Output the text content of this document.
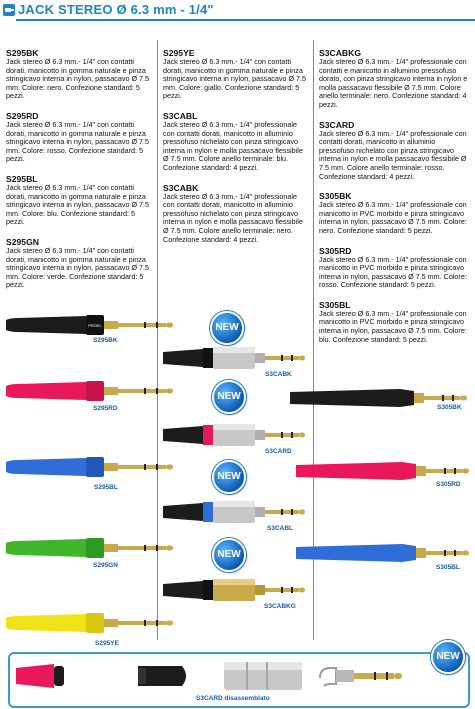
JACK STEREO Ø 6.3 mm - 1/4"
S295BK
Jack stereo Ø 6.3 mm.- 1/4" con contatti dorati, manicotto in gomma naturale e pinza stringicavo interna in nylon, passacavo Ø 7.5 mm. Colore: nero. Confezione standard: 5 pezzi.
S295RD
Jack stereo Ø 6.3 mm.- 1/4" con contatti dorati, manicotto in gomma naturale e pinza stringicavo interna in nylon, passacavo Ø 7.5 mm. Colore: rosso. Confezione standard: 5 pezzi.
S295BL
Jack stereo Ø 6.3 mm.- 1/4" con contatti dorati, manicotto in gomma naturale e pinza stringicavo interna in nylon, passacavo Ø 7.5 mm. Colore: blu. Confezione standard: 5 pezzi.
S295GN
Jack stereo Ø 6.3 mm.- 1/4" con contatti dorati, manicotto in gomma naturale e pinza stringicavo interna in nylon, passacavo Ø 7.5 mm. Colore: verde. Confezione standard: 5 pezzi.
S295YE
Jack stereo Ø 6.3 mm.- 1/4" con contatti dorati, manicotto in gomma naturale e pinza stringicavo interna in nylon, passacavo Ø 7.5 mm. Colore: giallo. Confezione standard: 5 pezzi.
S3CABL
Jack stereo Ø 6.3 mm.- 1/4" professionale con contatti dorati, manicotto in alluminio pressofuso nichelato con pinza stringicavo interna in nylon e molla passacavo flessibile Ø 7.5 mm. Colore anello terminale: blu. Confezione standard: 4 pezzi.
S3CABK
Jack stereo Ø 6.3 mm.- 1/4" professionale con contatti dorati, manicotto in alluminio pressofuso nichelato con pinza stringicavo interna in nylon e molla passacavo flessibile Ø 7.5 mm. Colore anello terminale: nero. Confezione standard: 4 pezzi.
S3CABKG
Jack stereo Ø 6.3 mm.- 1/4" professionale con contatti e manicotto in alluminio pressofuso dorato, con pinza stringicavo interna in nylon e molla passacavo flessibile Ø 7.5 mm. Colore anello terminale: nero. Confezione standard: 4 pezzi.
S3CARD
Jack stereo Ø 6.3 mm.- 1/4" professionale con contatti dorati, manicotto in alluminio pressofuso nichelato con pinza stringicavo interna in nylon e molla passacavo flessibile Ø 7.5 mm. Colore anello terminale: rosso. Confezione standard: 4 pezzi.
S305BK
Jack stereo Ø 6.3 mm.- 1/4" professionale con manicotto in PVC morbido e pinza stringicavo interna in nylon, passacavo Ø 7.5 mm. Colore: nero. Confezione standard: 5 pezzi.
S305RD
Jack stereo Ø 6.3 mm.- 1/4" professionale con manicotto in PVC morbido e pinza stringicavo interna in nylon, passacavo Ø 7.5 mm. Colore: rosso. Confezione standard: 5 pezzi.
S305BL
Jack stereo Ø 6.3 mm.- 1/4" professionale con manicotto in PVC morbido e pinza stringicavo interna in nylon, passacavo Ø 7.5 mm. Colore: blu. Confezione standard: 5 pezzi.
PROEL
S295BK
S295RD
S295BL
S295GN
S295YE
NEW
S3CABK
NEW
S3CARD
NEW
S3CABL
NEW
S3CABKG
S305BK
S305RD
S305BL
NEW
S3CARD disassemblato
